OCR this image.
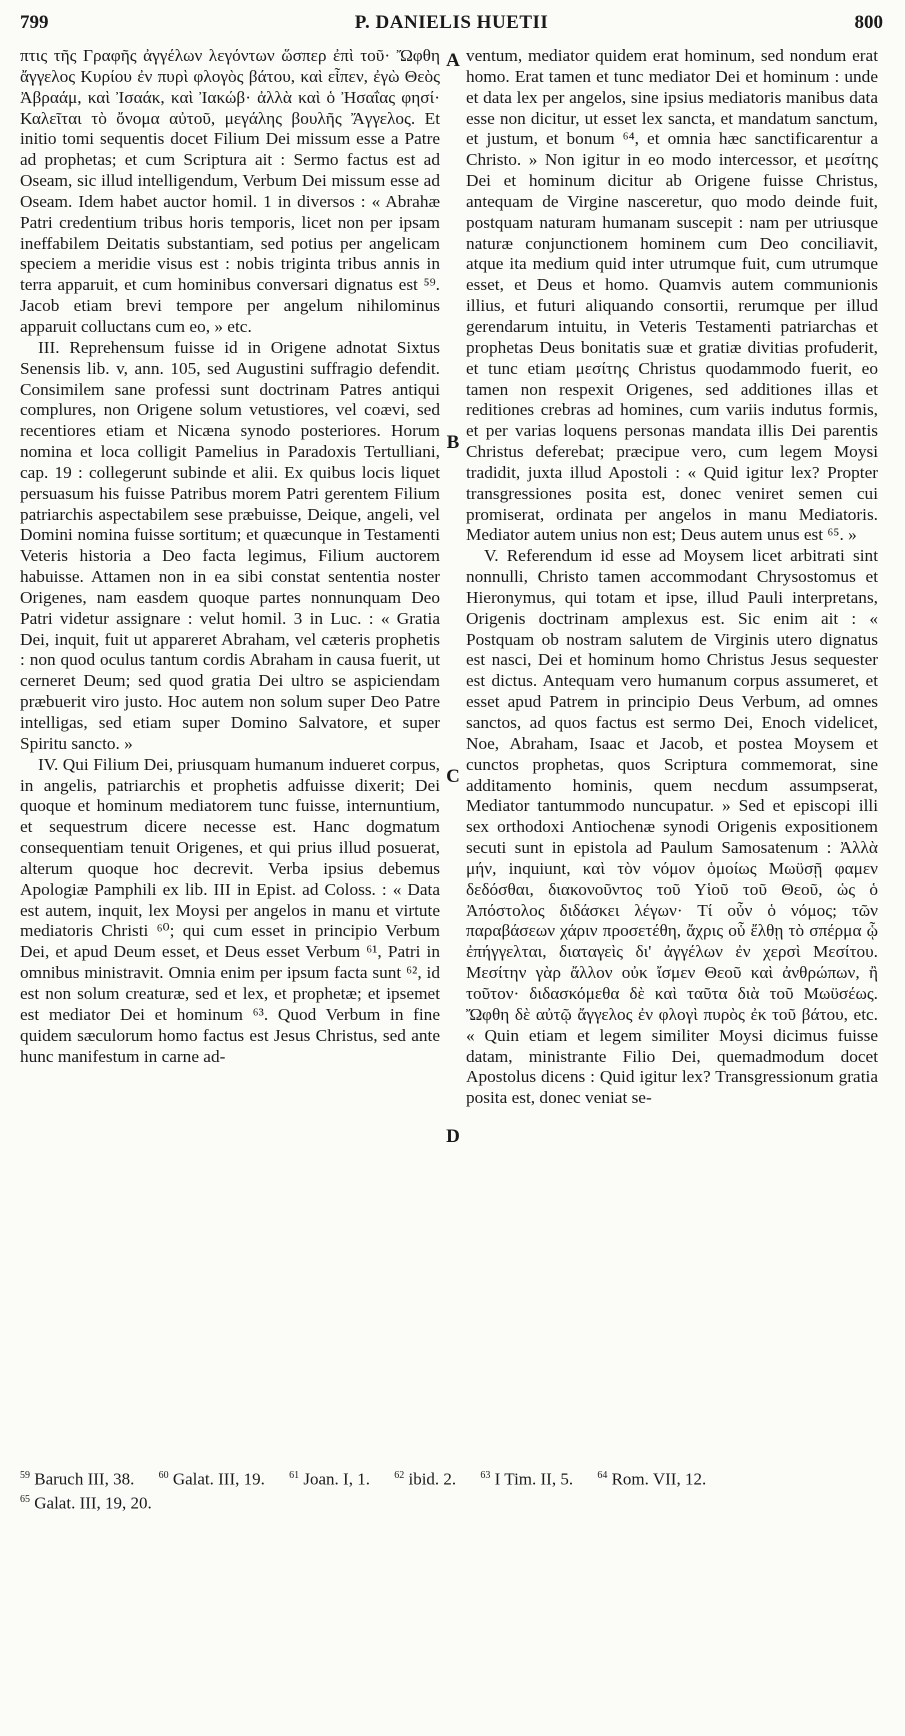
799	P. DANIELIS HUETII	800

πτις τῆς Γραφῆς ἀγγέλων λεγόντων ὥσπερ ἐπὶ τοῦ· Ὤφθη ἄγγελος Κυρίου ἐν πυρὶ φλογὸς βάτου, καὶ εἶπεν, ἐγὼ Θεὸς Ἀβραάμ, καὶ Ἰσαάκ, καὶ Ἰακώβ· ἀλλὰ καὶ ὁ Ἠσαΐας φησί· Καλεῖται τὸ ὄνομα αὐτοῦ, μεγάλης βουλῆς Ἄγγελος. Et initio tomi sequentis docet Filium Dei missum esse a Patre ad prophetas; et cum Scriptura ait : Sermo factus est ad Oseam, sic illud intelligendum, Verbum Dei missum esse ad Oseam. Idem habet auctor homil. 1 in diversos : « Abrahæ Patri credentium tribus horis temporis, licet non per ipsam ineffabilem Deitatis substantiam, sed potius per angelicam speciem a meridie visus est : nobis triginta tribus annis in terra apparuit, et cum hominibus conversari dignatus est ⁵⁹. Jacob etiam brevi tempore per angelum nihilominus apparuit colluctans cum eo, » etc.

III. Reprehensum fuisse id in Origene adnotat Sixtus Senensis lib. v, ann. 105, sed Augustini suffragio defendit. Consimilem sane professi sunt doctrinam Patres antiqui complures, non Origene solum vetustiores, vel coævi, sed recentiores etiam et Nicæna synodo posteriores. Horum nomina et loca colligit Pamelius in Paradoxis Tertulliani, cap. 19 : collegerunt subinde et alii. Ex quibus locis liquet persuasum his fuisse Patribus morem Patri gerentem Filium patriarchis aspectabilem sese præbuisse, Deique, angeli, vel Domini nomina fuisse sortitum; et quæcunque in Testamenti Veteris historia a Deo facta legimus, Filium auctorem habuisse. Attamen non in ea sibi constat sententia noster Origenes, nam easdem quoque partes nonnunquam Deo Patri videtur assignare : velut homil. 3 in Luc. : « Gratia Dei, inquit, fuit ut appareret Abraham, vel cæteris prophetis : non quod oculus tantum cordis Abraham in causa fuerit, ut cerneret Deum; sed quod gratia Dei ultro se aspiciendam præbuerit viro justo. Hoc autem non solum super Deo Patre intelligas, sed etiam super Domino Salvatore, et super Spiritu sancto. »

IV. Qui Filium Dei, priusquam humanum indueret corpus, in angelis, patriarchis et prophetis adfuisse dixerit; Dei quoque et hominum mediatorem tunc fuisse, internuntium, et sequestrum dicere necesse est. Hanc dogmatum consequentiam tenuit Origenes, et qui prius illud posuerat, alterum quoque hoc decrevit. Verba ipsius debemus Apologiæ Pamphili ex lib. III in Epist. ad Coloss. : « Data est autem, inquit, lex Moysi per angelos in manu et virtute mediatoris Christi ⁶⁰; qui cum esset in principio Verbum Dei, et apud Deum esset, et Deus esset Verbum ⁶¹, Patri in omnibus ministravit. Omnia enim per ipsum facta sunt ⁶², id est non solum creaturæ, sed et lex, et prophetæ; et ipsemet est mediator Dei et hominum ⁶³. Quod Verbum in fine quidem sæculorum homo factus est Jesus Christus, sed ante hunc manifestum in carne ad-

A
B
C
D

ventum, mediator quidem erat hominum, sed nondum erat homo. Erat tamen et tunc mediator Dei et hominum : unde et data lex per angelos, sine ipsius mediatoris manibus data esse non dicitur, ut esset lex sancta, et mandatum sanctum, et justum, et bonum ⁶⁴, et omnia hæc sanctificarentur a Christo. » Non igitur in eo modo intercessor, et μεσίτης Dei et hominum dicitur ab Origene fuisse Christus, antequam de Virgine nasceretur, quo modo deinde fuit, postquam naturam humanam suscepit : nam per utriusque naturæ conjunctionem hominem cum Deo conciliavit, atque ita medium quid inter utrumque fuit, cum utrumque esset, et Deus et homo. Quamvis autem communionis illius, et futuri aliquando consortii, rerumque per illud gerendarum intuitu, in Veteris Testamenti patriarchas et prophetas Deus bonitatis suæ et gratiæ divitias profuderit, et tunc etiam μεσίτης Christus quodammodo fuerit, eo tamen non respexit Origenes, sed additiones illas et reditiones crebras ad homines, cum variis indutus formis, et per varias loquens personas mandata illis Dei parentis Christus deferebat; præcipue vero, cum legem Moysi tradidit, juxta illud Apostoli : « Quid igitur lex? Propter transgressiones posita est, donec veniret semen cui promiserat, ordinata per angelos in manu Mediatoris. Mediator autem unius non est; Deus autem unus est ⁶⁵. »

V. Referendum id esse ad Moysem licet arbitrati sint nonnulli, Christo tamen accommodant Chrysostomus et Hieronymus, qui totam et ipse, illud Pauli interpretans, Origenis doctrinam amplexus est. Sic enim ait : « Postquam ob nostram salutem de Virginis utero dignatus est nasci, Dei et hominum homo Christus Jesus sequester est dictus. Antequam vero humanum corpus assumeret, et esset apud Patrem in principio Deus Verbum, ad omnes sanctos, ad quos factus est sermo Dei, Enoch videlicet, Noe, Abraham, Isaac et Jacob, et postea Moysem et cunctos prophetas, quos Scriptura commemorat, sine additamento hominis, quem necdum assumpserat, Mediator tantummodo nuncupatur. » Sed et episcopi illi sex orthodoxi Antiochenæ synodi Origenis expositionem secuti sunt in epistola ad Paulum Samosatenum : Ἀλλὰ μήν, inquiunt, καὶ τὸν νόμον ὁμοίως Μωϋσῇ φαμεν δεδόσθαι, διακονοῦντος τοῦ Υἱοῦ τοῦ Θεοῦ, ὡς ὁ Ἀπόστολος διδάσκει λέγων· Τί οὖν ὁ νόμος; τῶν παραβάσεων χάριν προσετέθη, ἄχρις οὗ ἔλθῃ τὸ σπέρμα ᾧ ἐπήγγελται, διαταγεὶς δι' ἀγγέλων ἐν χερσὶ Μεσίτου. Μεσίτην γὰρ ἄλλον οὐκ ἴσμεν Θεοῦ καὶ ἀνθρώπων, ἢ τοῦτον· διδασκόμεθα δὲ καὶ ταῦτα διὰ τοῦ Μωϋσέως. Ὤφθη δὲ αὐτῷ ἄγγελος ἐν φλογὶ πυρὸς ἐκ τοῦ βάτου, etc. « Quin etiam et legem similiter Moysi dicimus fuisse datam, ministrante Filio Dei, quemadmodum docet Apostolus dicens : Quid igitur lex? Transgressionum gratia posita est, donec veniat se-

$^{59}$ Baruch III, 38. $^{60}$ Galat. III, 19. $^{61}$ Joan. I, 1. $^{62}$ ibid. 2. $^{63}$ I Tim. II, 5. $^{64}$ Rom. VII, 12.
$^{65}$ Galat. III, 19, 20.
